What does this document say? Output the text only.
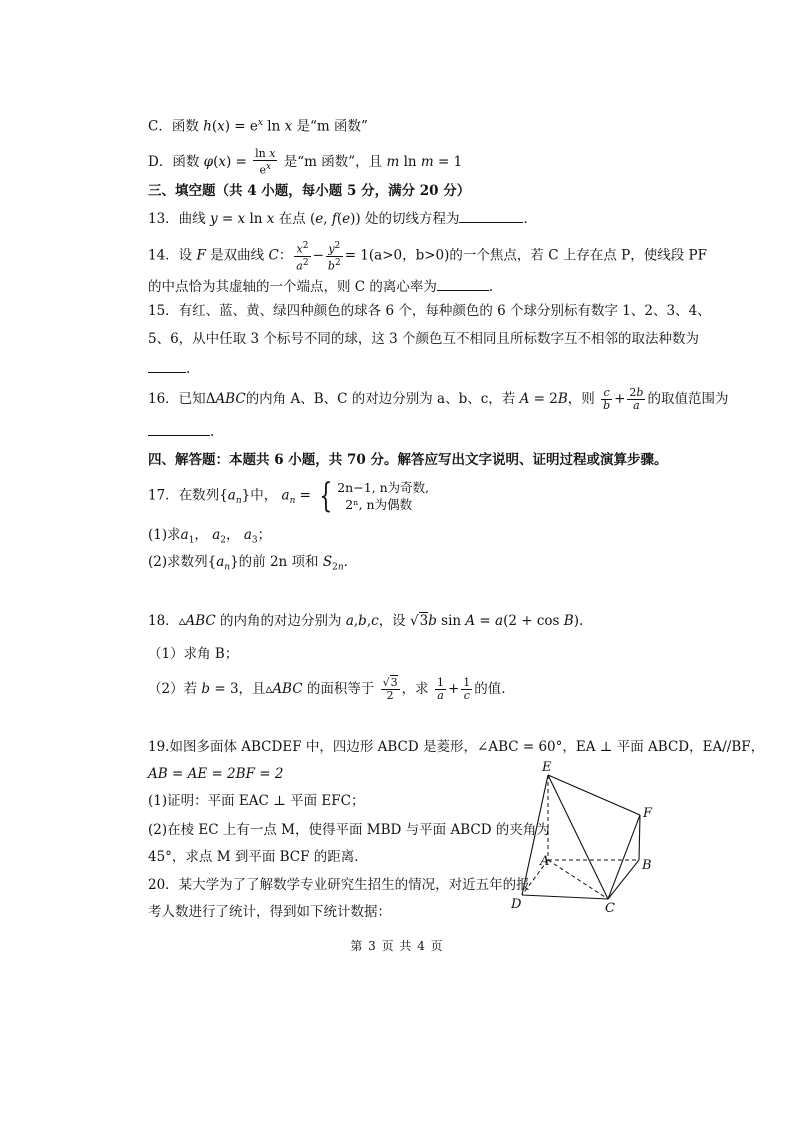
C．函数 $h(x) = e^x$ ln x 是“m 函数”
D．函数 $\varphi(x) = \frac{\text{ln x}}{e^x}$ 是“m 函数”，且 m ln m = 1
三、填空题（共 4 小题，每小题 5 分，满分 20 分）
13．曲线 y = x ln x 在点 (e, f(e)) 处的切线方程为	.
14．设 F 是双曲线 C： $\frac{x^2}{a^2} - \frac{y^2}{b^2} = 1(a>0$，b>0)的一个焦点，若 C 上存在点 P，使线段 PF
的中点恰为其虚轴的一个端点，则 C 的离心率为	.
15．有红、蓝、黄、绿四种颜色的球各 6 个，每种颜色的 6 个球分别标有数字 1、2、3、4、
5、6，从中任取 3 个标号不同的球，这 3 个颜色互不相同且所标数字互不相邻的取法种数为
.
16．已知ΔABC的内角 A、B、C 的对边分别为 a、b、c，若 A = 2B，则 $\frac{c}{b} + \frac{2b}{a}$ 的取值范围为
.
四、解答题：本题共 6 小题，共 70 分。解答应写出文字说明、证明过程或演算步骤。
17．在数列$\{a_n\}$中， $a_n$ = { 2n−1, n为奇数,
2ⁿ, n为偶数
(1)求$a_1$， $a_2$， $a_3$；
(2)求数列$\{a_n\}$的前 2n 项和 $S_{2n}$．
18．▵ABC 的内角的对边分别为 a,b,c，设 √3b sin A = a(2 + cos B).
（1）求角 B；
（2）若 b = 3，且▵ABC 的面积等于 $\frac{√3}{2}$ ，求 $\frac{1}{a} + \frac{1}{c}$ 的值.
19.如图多面体 ABCDEF 中，四边形 ABCD 是菱形，∠ABC = 60°，EA ⊥ 平面 ABCD，EA//BF，
AB = AE = 2BF = 2
(1)证明：平面 EAC ⊥ 平面 EFC；
(2)在棱 EC 上有一点 M，使得平面 MBD 与平面 ABCD 的夹角为
45°，求点 M 到平面 BCF 的距离.
20．某大学为了了解数学专业研究生招生的情况，对近五年的报
考人数进行了统计，得到如下统计数据：
E
F
A	B
D	C
第 3 页 共 4 页
